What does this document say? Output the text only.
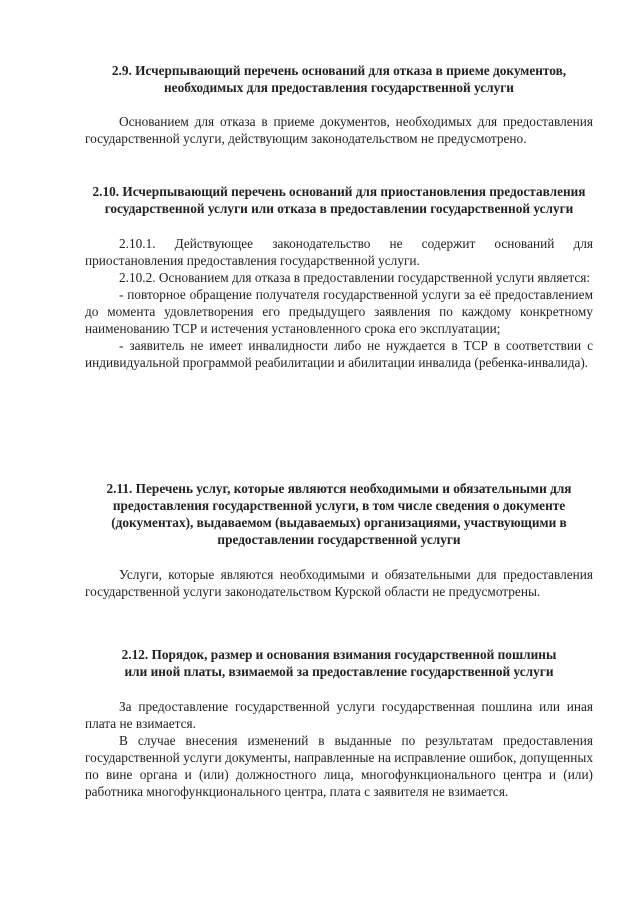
2.9. Исчерпывающий перечень оснований для отказа в приеме документов, необходимых для предоставления государственной услуги

Основанием для отказа в приеме документов, необходимых для предоставления государственной услуги, действующим законодательством не предусмотрено.

2.10. Исчерпывающий перечень оснований для приостановления предоставления государственной услуги или отказа в предоставлении государственной услуги

2.10.1. Действующее законодательство не содержит оснований для приостановления предоставления государственной услуги.

2.10.2. Основанием для отказа в предоставлении государственной услуги является:

- повторное обращение получателя государственной услуги за её предоставлением до момента удовлетворения его предыдущего заявления по каждому конкретному наименованию ТСР и истечения установленного срока его эксплуатации;

- заявитель не имеет инвалидности либо не нуждается в ТСР в соответствии с индивидуальной программой реабилитации и абилитации инвалида (ребенка-инвалида).

2.11. Перечень услуг, которые являются необходимыми и обязательными для предоставления государственной услуги, в том числе сведения о документе (документах), выдаваемом (выдаваемых) организациями, участвующими в предоставлении государственной услуги

Услуги, которые являются необходимыми и обязательными для предоставления государственной услуги законодательством Курской области не предусмотрены.

2.12. Порядок, размер и основания взимания государственной пошлины или иной платы, взимаемой за предоставление государственной услуги

За предоставление государственной услуги государственная пошлина или иная плата не взимается.

В случае внесения изменений в выданные по результатам предоставления государственной услуги документы, направленные на исправление ошибок, допущенных по вине органа и (или) должностного лица, многофункционального центра и (или) работника многофункционального центра, плата с заявителя не взимается.
